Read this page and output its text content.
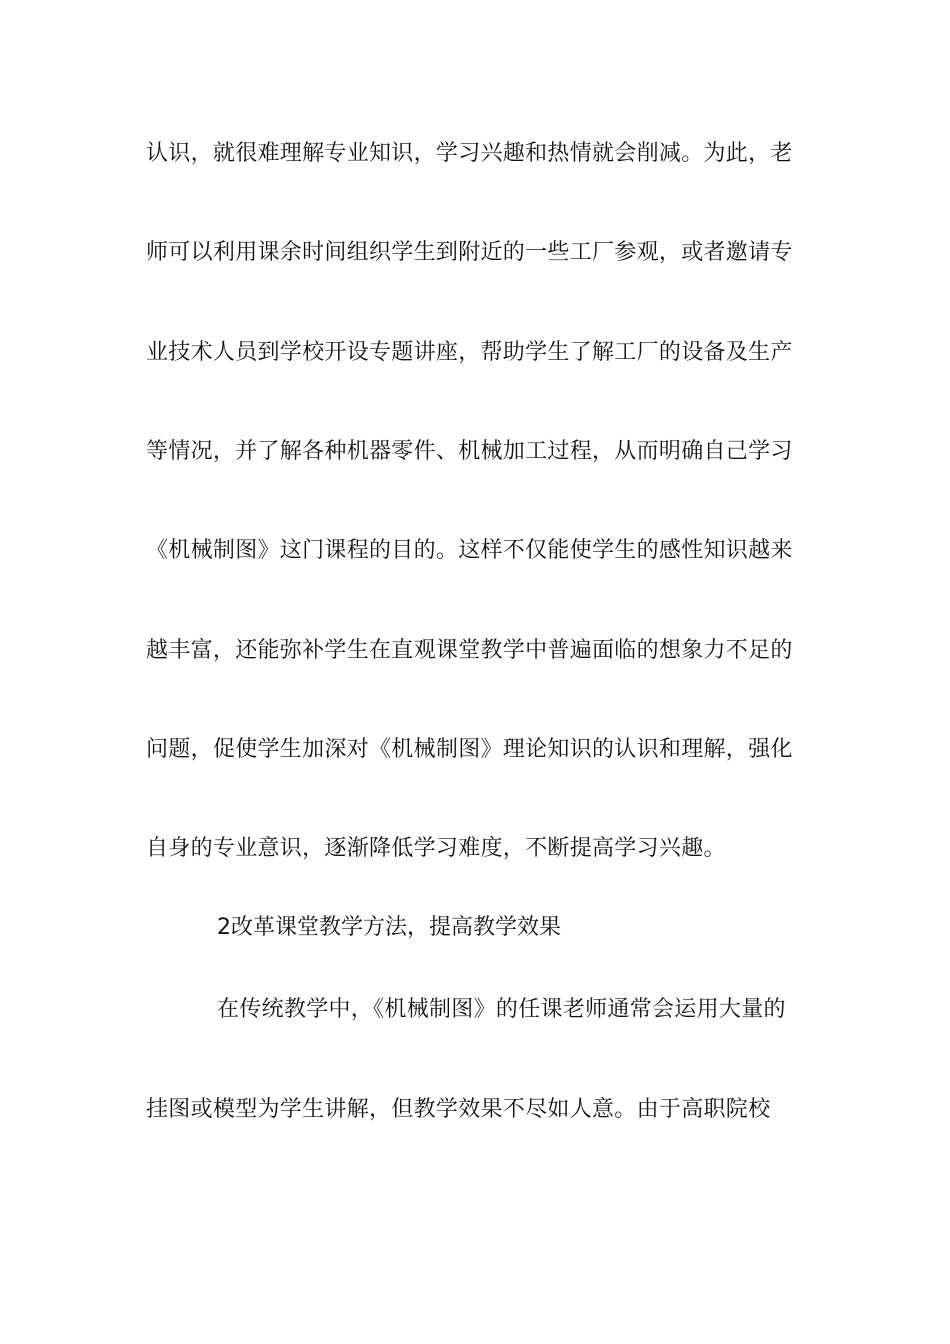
认识，就很难理解专业知识，学习兴趣和热情就会削减。为此，老
师可以利用课余时间组织学生到附近的一些工厂参观，或者邀请专
业技术人员到学校开设专题讲座，帮助学生了解工厂的设备及生产
等情况，并了解各种机器零件、机械加工过程，从而明确自己学习
《机械制图》这门课程的目的。这样不仅能使学生的感性知识越来
越丰富，还能弥补学生在直观课堂教学中普遍面临的想象力不足的
问题，促使学生加深对《机械制图》理论知识的认识和理解，强化
自身的专业意识，逐渐降低学习难度，不断提高学习兴趣。
2改革课堂教学方法，提高教学效果
在传统教学中，《机械制图》的任课老师通常会运用大量的
挂图或模型为学生讲解，但教学效果不尽如人意。由于高职院校
